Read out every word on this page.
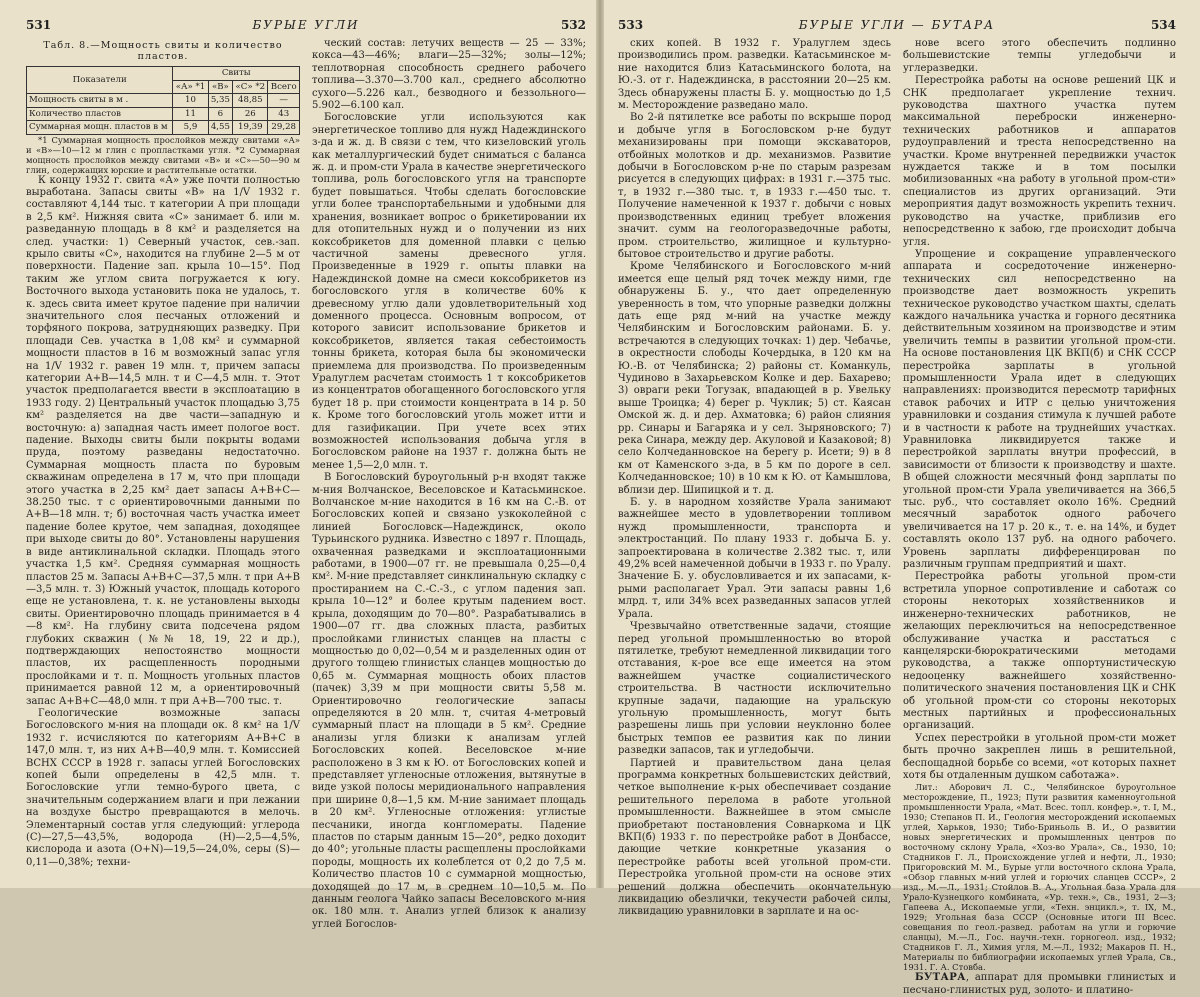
531	БУРЫЕ УГЛИ	532
Табл. 8.—Мощность свиты и количество пластов.
Показатели	Свиты			
	«А» *1	«В»	«С» *2	Всего
Мощность свиты в м .	10	5,35	48,85	—
Количество пластов	11	6	26	43
Суммарная мощн. пластов в м	5,9	4,55	19,39	29,28

*1 Суммарная мощность прослойков между свитами «А» и «В»—10—12 м глин с пропластками угля. *2 Суммарная мощность прослойков между свитами «В» и «С»—50—90 м глин, содержащих юрские и растительные остатки.

К концу 1932 г. свита «А» уже почти полностью выработана. Запасы свиты «В» на 1/V 1932 г. составляют 4,144 тыс. т категории А при площади в 2,5 км². Нижняя свита «С» занимает б. или м. разведанную площадь в 8 км² и разделяется на след. участки: 1) Северный участок, сев.-зап. крыло свиты «С», находится на глубине 2—5 м от поверхности. Падение зап. крыла 10—15°. Под таким же углом свита погружается к югу. Восточного выхода установить пока не удалось, т. к. здесь свита имеет крутое падение при наличии значительного слоя песчаных отложений и торфяного покрова, затрудняющих разведку. При площади Сев. участка в 1,08 км² и суммарной мощности пластов в 16 м возможный запас угля на 1/V 1932 г. равен 19 млн. т, причем запасы категории А+В—14,5 млн. т и С—4,5 млн. т. Этот участок предполагается ввести в эксплоатацию в 1933 году. 2) Центральный участок площадью 3,75 км² разделяется на две части—западную и восточную: а) западная часть имеет пологое вост. падение. Выходы свиты были покрыты водами пруда, поэтому разведаны недостаточно. Суммарная мощность пласта по буровым скважинам определена в 17 м, что при площади этого участка в 2,25 км² дает запасы А+В+С—38.250 тыс. т с ориентировочными данными по А+В—18 млн. т; б) восточная часть участка имеет падение более крутое, чем западная, доходящее при выходе свиты до 80°. Установлены нарушения в виде антиклинальной складки. Площадь этого участка 1,5 км². Средняя суммарная мощность пластов 25 м. Запасы А+В+С—37,5 млн. т при А+В—3,5 млн. т. 3) Южный участок, площадь которого еще не установлена, т. к. не установлены выходы свиты. Ориентировочно площадь принимается в 4—8 км². На глубину свита подсечена рядом глубоких скважин (№№ 18, 19, 22 и др.), подтверждающих непостоянство мощности пластов, их расщепленность породными прослойками и т. п. Мощность угольных пластов принимается равной 12 м, а ориентировочный запас А+В+С—48,0 млн. т при А+В—700 тыс. т.

Геологические возможные запасы Богословского м-ния на площади ок. 8 км² на 1/V 1932 г. исчисляются по категориям А+В+С в 147,0 млн. т, из них А+В—40,9 млн. т. Комиссией ВСНХ СССР в 1928 г. запасы углей Богословских копей были определены в 42,5 млн. т. Богословские угли темно-бурого цвета, с значительным содержанием влаги и при лежании на воздухе быстро превращаются в мелочь. Элементарный состав угля следующий: углерода (С)—27,5—43,5%, водорода (Н)—2,5—4,5%, кислорода и азота (О+N)—19,5—24,0%, серы (S)—0,11—0,38%; техни-

ческий состав: летучих веществ — 25 — 33%; кокса—43—46%; влаги—25—32%; золы—12%; теплотворная способность среднего рабочего топлива—3.370—3.700 кал., среднего абсолютно сухого—5.226 кал., безводного и беззольного—5.902—6.100 кал.

Богословские угли используются как энергетическое топливо для нужд Надеждинского з-да и ж. д. В связи с тем, что кизеловский уголь как металлургический будет сниматься с баланса ж. д. и пром-сти Урала в качестве энергетического топлива, роль богословского угля на транспорте будет повышаться. Чтобы сделать богословские угли более транспортабельными и удобными для хранения, возникает вопрос о брикетировании их для отопительных нужд и о получении из них коксобрикетов для доменной плавки с целью частичной замены древесного угля. Произведенные в 1929 г. опыты плавки на Надеждинской домне на смеси коксобрикетов из богословского угля в количестве 60% к древесному углю дали удовлетворительный ход доменного процесса. Основным вопросом, от которого зависит использование брикетов и коксобрикетов, является такая себестоимость тонны брикета, которая была бы экономически приемлема для производства. По произведенным Уралуглем расчетам стоимость 1 т коксобрикетов из концентратов обогащенного богословского угля будет 18 р. при стоимости концентрата в 14 р. 50 к. Кроме того богословский уголь может итти и для газификации. При учете всех этих возможностей использования добыча угля в Богословском районе на 1937 г. должна быть не менее 1,5—2,0 млн. т.

В Богословский буроугольный р-н входят также м-ния Волчанское, Веселовское и Катасьминское. Волчанское м-ние находится в 16 км на С.-В. от Богословских копей и связано узкоколейной с линией Богословск—Надеждинск, около Турьинского рудника. Известно с 1897 г. Площадь, охваченная разведками и эксплоатационными работами, в 1900—07 гг. не превышала 0,25—0,4 км². М-ние представляет синклинальную складку с простиранием на С.-С.-З., с углом падения зап. крыла 10—12° и более крутым падением вост. крыла, доходящим до 70—80°. Разрабатывались в 1900—07 гг. два сложных пласта, разбитых прослойками глинистых сланцев на пласты с мощностью до 0,02—0,54 м и разделенных один от другого толщею глинистых сланцев мощностью до 0,65 м. Суммарная мощность обоих пластов (пачек) 3,39 м при мощности свиты 5,58 м. Ориентировочно геологические запасы определяются в 20 млн. т, считая 4-метровый суммарный пласт на площади в 5 км². Средние анализы угля близки к анализам углей Богословских копей. Веселовское м-ние расположено в 3 км к Ю. от Богословских копей и представляет угленосные отложения, вытянутые в виде узкой полосы меридионального направления при ширине 0,8—1,5 км. М-ние занимает площадь в 20 км². Угленосные отложения: углистые песчаники, иногда конгломераты. Падение пластов по старым данным 15—20°, редко доходит до 40°; угольные пласты расщеплены прослойками породы, мощность их колеблется от 0,2 до 7,5 м. Количество пластов 10 с суммарной мощностью, доходящей до 17 м, в среднем 10—10,5 м. По данным геолога Чайко запасы Веселовского м-ния ок. 180 млн. т. Анализ углей близок к анализу углей Богослов-

533	БУРЫЕ УГЛИ — БУТАРА	534

ских копей. В 1932 г. Уралуглем здесь производились пром. разведки. Катасьминское м-ние находится близ Катасьминского болота, на Ю.-З. от г. Надеждинска, в расстоянии 20—25 км. Здесь обнаружены пласты Б. у. мощностью до 1,5 м. Месторождение разведано мало.

Во 2-й пятилетке все работы по вскрыше пород и добыче угля в Богословском р-не будут механизированы при помощи экскаваторов, отбойных молотков и др. механизмов. Развитие добычи в Богословском р-не по старым разрезам рисуется в следующих цифрах: в 1931 г.—375 тыс. т, в 1932 г.—380 тыс. т, в 1933 г.—450 тыс. т. Получение намеченной к 1937 г. добычи с новых производственных единиц требует вложения значит. сумм на геологоразведочные работы, пром. строительство, жилищное и культурно-бытовое строительство и другие работы.

Кроме Челябинского и Богословского м-ний имеется еще целый ряд точек между ними, где обнаружены Б. у., что дает определенную уверенность в том, что упорные разведки должны дать еще ряд м-ний на участке между Челябинским и Богословским районами. Б. у. встречаются в следующих точках: 1) дер. Чебачье, в окрестности слободы Кочердыка, в 120 км на Ю.-В. от Челябинска; 2) районы ст. Команкуль, Чудиново в Захарьевском Колке и дер. Бахарево; 3) овраги реки Тогузак, впадающей в р. Увельку выше Троицка; 4) берег р. Чуклик; 5) ст. Каясан Омской ж. д. и дер. Ахматовка; 6) район слияния рр. Синары и Багаряка и у сел. Зыряновского; 7) река Синара, между дер. Акуловой и Казаковой; 8) село Колчеданновское на берегу р. Исети; 9) в 8 км от Каменского з-да, в 5 км по дороге в сел. Колчеданновское; 10) в 10 км к Ю. от Камышлова, вблизи дер. Шипицкой и т. д.

Б. у. в народном хозяйстве Урала занимают важнейшее место в удовлетворении топливом нужд промышленности, транспорта и электростанций. По плану 1933 г. добыча Б. у. запроектирована в количестве 2.382 тыс. т, или 49,2% всей намеченной добычи в 1933 г. по Уралу. Значение Б. у. обусловливается и их запасами, к-рыми располагает Урал. Эти запасы равны 1,6 млрд. т, или 34% всех разведанных запасов углей Урала.

Чрезвычайно ответственные задачи, стоящие перед угольной промышленностью во второй пятилетке, требуют немедленной ликвидации того отставания, к-рое все еще имеется на этом важнейшем участке социалистического строительства. В частности исключительно крупные задачи, падающие на уральскую угольную промышленность, могут быть разрешены лишь при условии неуклонно более быстрых темпов ее развития как по линии разведки запасов, так и угледобычи.

Партией и правительством дана целая программа конкретных большевистских действий, четкое выполнение к-рых обеспечивает создание решительного перелома в работе угольной промышленности. Важнейшее в этом смысле приобретают постановления Совнаркома и ЦК ВКП(б) 1933 г. по перестройке работ в Донбассе, дающие четкие конкретные указания о перестройке работы всей угольной пром-сти. Перестройка угольной пром-сти на основе этих решений должна обеспечить окончательную ликвидацию обезлички, текучести рабочей силы, ликвидацию уравниловки в зарплате и на ос-

нове всего этого обеспечить подлинно большевистские темпы угледобычи и углеразведки.

Перестройка работы на основе решений ЦК и СНК предполагает укрепление технич. руководства шахтного участка путем максимальной переброски инженерно-технических работников и аппаратов рудоуправлений и треста непосредственно на участки. Кроме внутренней передвижки участок нуждается также и в том посылки мобилизованных «на работу в угольной пром-сти» специалистов из других организаций. Эти мероприятия дадут возможность укрепить технич. руководство на участке, приблизив его непосредственно к забою, где происходит добыча угля.

Упрощение и сокращение управленческого аппарата и сосредоточение инженерно-технических сил непосредственно на производстве дает возможность укрепить техническое руководство участком шахты, сделать каждого начальника участка и горного десятника действительным хозяином на производстве и этим увеличить темпы в развитии угольной пром-сти. На основе постановления ЦК ВКП(б) и СНК СССР перестройка зарплаты в угольной промышленности Урала идет в следующих направлениях: производится пересмотр тарифных ставок рабочих и ИТР с целью уничтожения уравниловки и создания стимула к лучшей работе и в частности к работе на труднейших участках. Уравниловка ликвидируется также и перестройкой зарплаты внутри профессий, в зависимости от близости к производству и шахте. В общей сложности месячный фонд зарплаты по угольной пром-сти Урала увеличивается на 366,5 тыс. руб., что составляет около 16%. Средний месячный заработок одного рабочего увеличивается на 17 р. 20 к., т. е. на 14%, и будет составлять около 137 руб. на одного рабочего. Уровень зарплаты дифференцирован по различным группам предприятий и шахт.

Перестройка работы угольной пром-сти встретила упорное сопротивление и саботаж со стороны некоторых хозяйственников и инженерно-технических работников, не желающих переключиться на непосредственное обслуживание участка и расстаться с канцелярски-бюрократическими методами руководства, а также оппортунистическую недооценку важнейшего хозяйственно-политического значения постановления ЦК и СНК об угольной пром-сти со стороны некоторых местных партийных и профессиональных организаций.

Успех перестройки в угольной пром-сти может быть прочно закреплен лишь в решительной, беспощадной борьбе со всеми, «от которых пахнет хотя бы отдаленным душком саботажа».

Лит.: Аборович Л. С., Челябинское буроугольное месторождение, П., 1923; Пути развития каменноугольной промышленности Урала, «Мат. Всес. топл. конфер.», т. I, М., 1930; Степанов П. И., Геология месторождений ископаемых углей, Харьков, 1930; Тибо-Бриньоль В. И., О развитии новых энергетических и промышленных центров по восточному склону Урала, «Хоз-во Урала», Св., 1930, 10; Стадников Г. Л., Происхождение углей и нефти, Л., 1930; Пригоровский М. М., Бурые угли восточного склона Урала, «Обзор главных м-ний углей и горючих сланцев СССР», 2 изд., М.—Л., 1931; Стойлов В. А., Угольная база Урала для Урало-Кузнецкого комбината, «Ур. техн.», Св., 1931, 2—3; Гапеева А., Ископаемые угли, «Техн. энцикл.», т. IX, М., 1929; Угольная база СССР (Основные итоги III Всес. совещания по геол.-развед. работам на угли и горючие сланцы), М.—Л., Гос. научн.-техн. горногеол. изд., 1932; Стадников Г. Л., Химия угля, М.—Л., 1932; Макаров П. Н., Материалы по библиографии ископаемых углей Урала, Св., 1931. Г. А. Стовба.

БУТАРА, аппарат для промывки глинистых и песчано-глинистых руд, золото- и платино-
